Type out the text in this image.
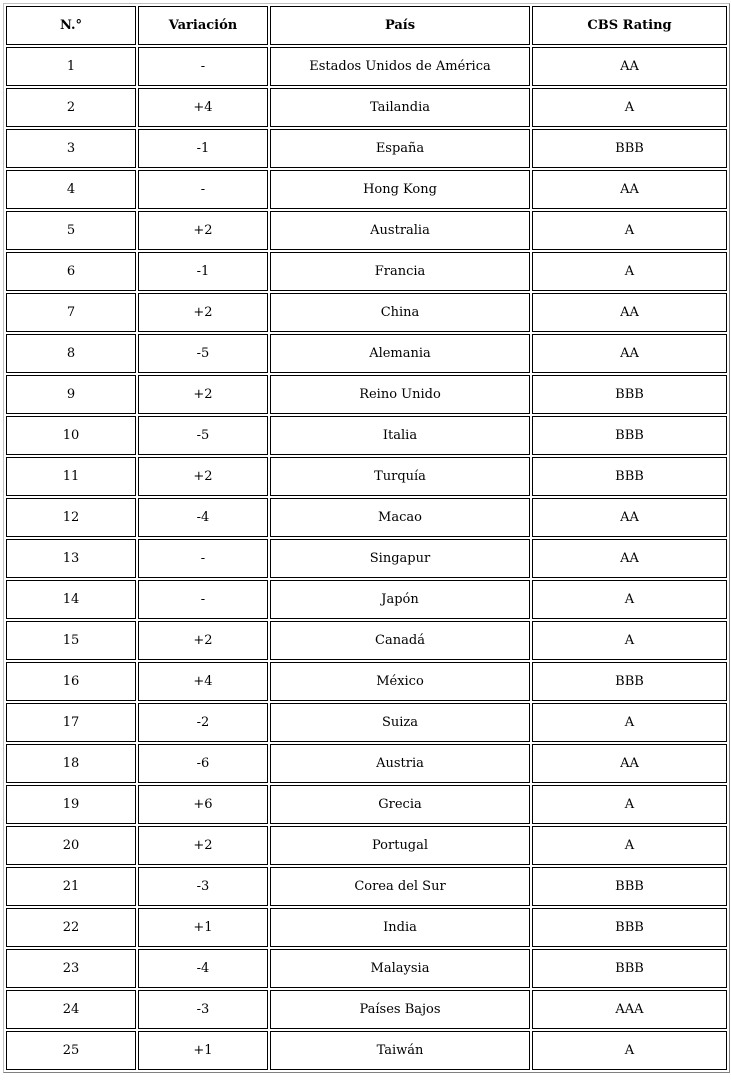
N.°	Variación	País	CBS Rating
1	-	Estados Unidos de América	AA
2	+4	Tailandia	A
3	-1	España	BBB
4	-	Hong Kong	AA
5	+2	Australia	A
6	-1	Francia	A
7	+2	China	AA
8	-5	Alemania	AA
9	+2	Reino Unido	BBB
10	-5	Italia	BBB
11	+2	Turquía	BBB
12	-4	Macao	AA
13	-	Singapur	AA
14	-	Japón	A
15	+2	Canadá	A
16	+4	México	BBB
17	-2	Suiza	A
18	-6	Austria	AA
19	+6	Grecia	A
20	+2	Portugal	A
21	-3	Corea del Sur	BBB
22	+1	India	BBB
23	-4	Malaysia	BBB
24	-3	Países Bajos	AAA
25	+1	Taiwán	A
